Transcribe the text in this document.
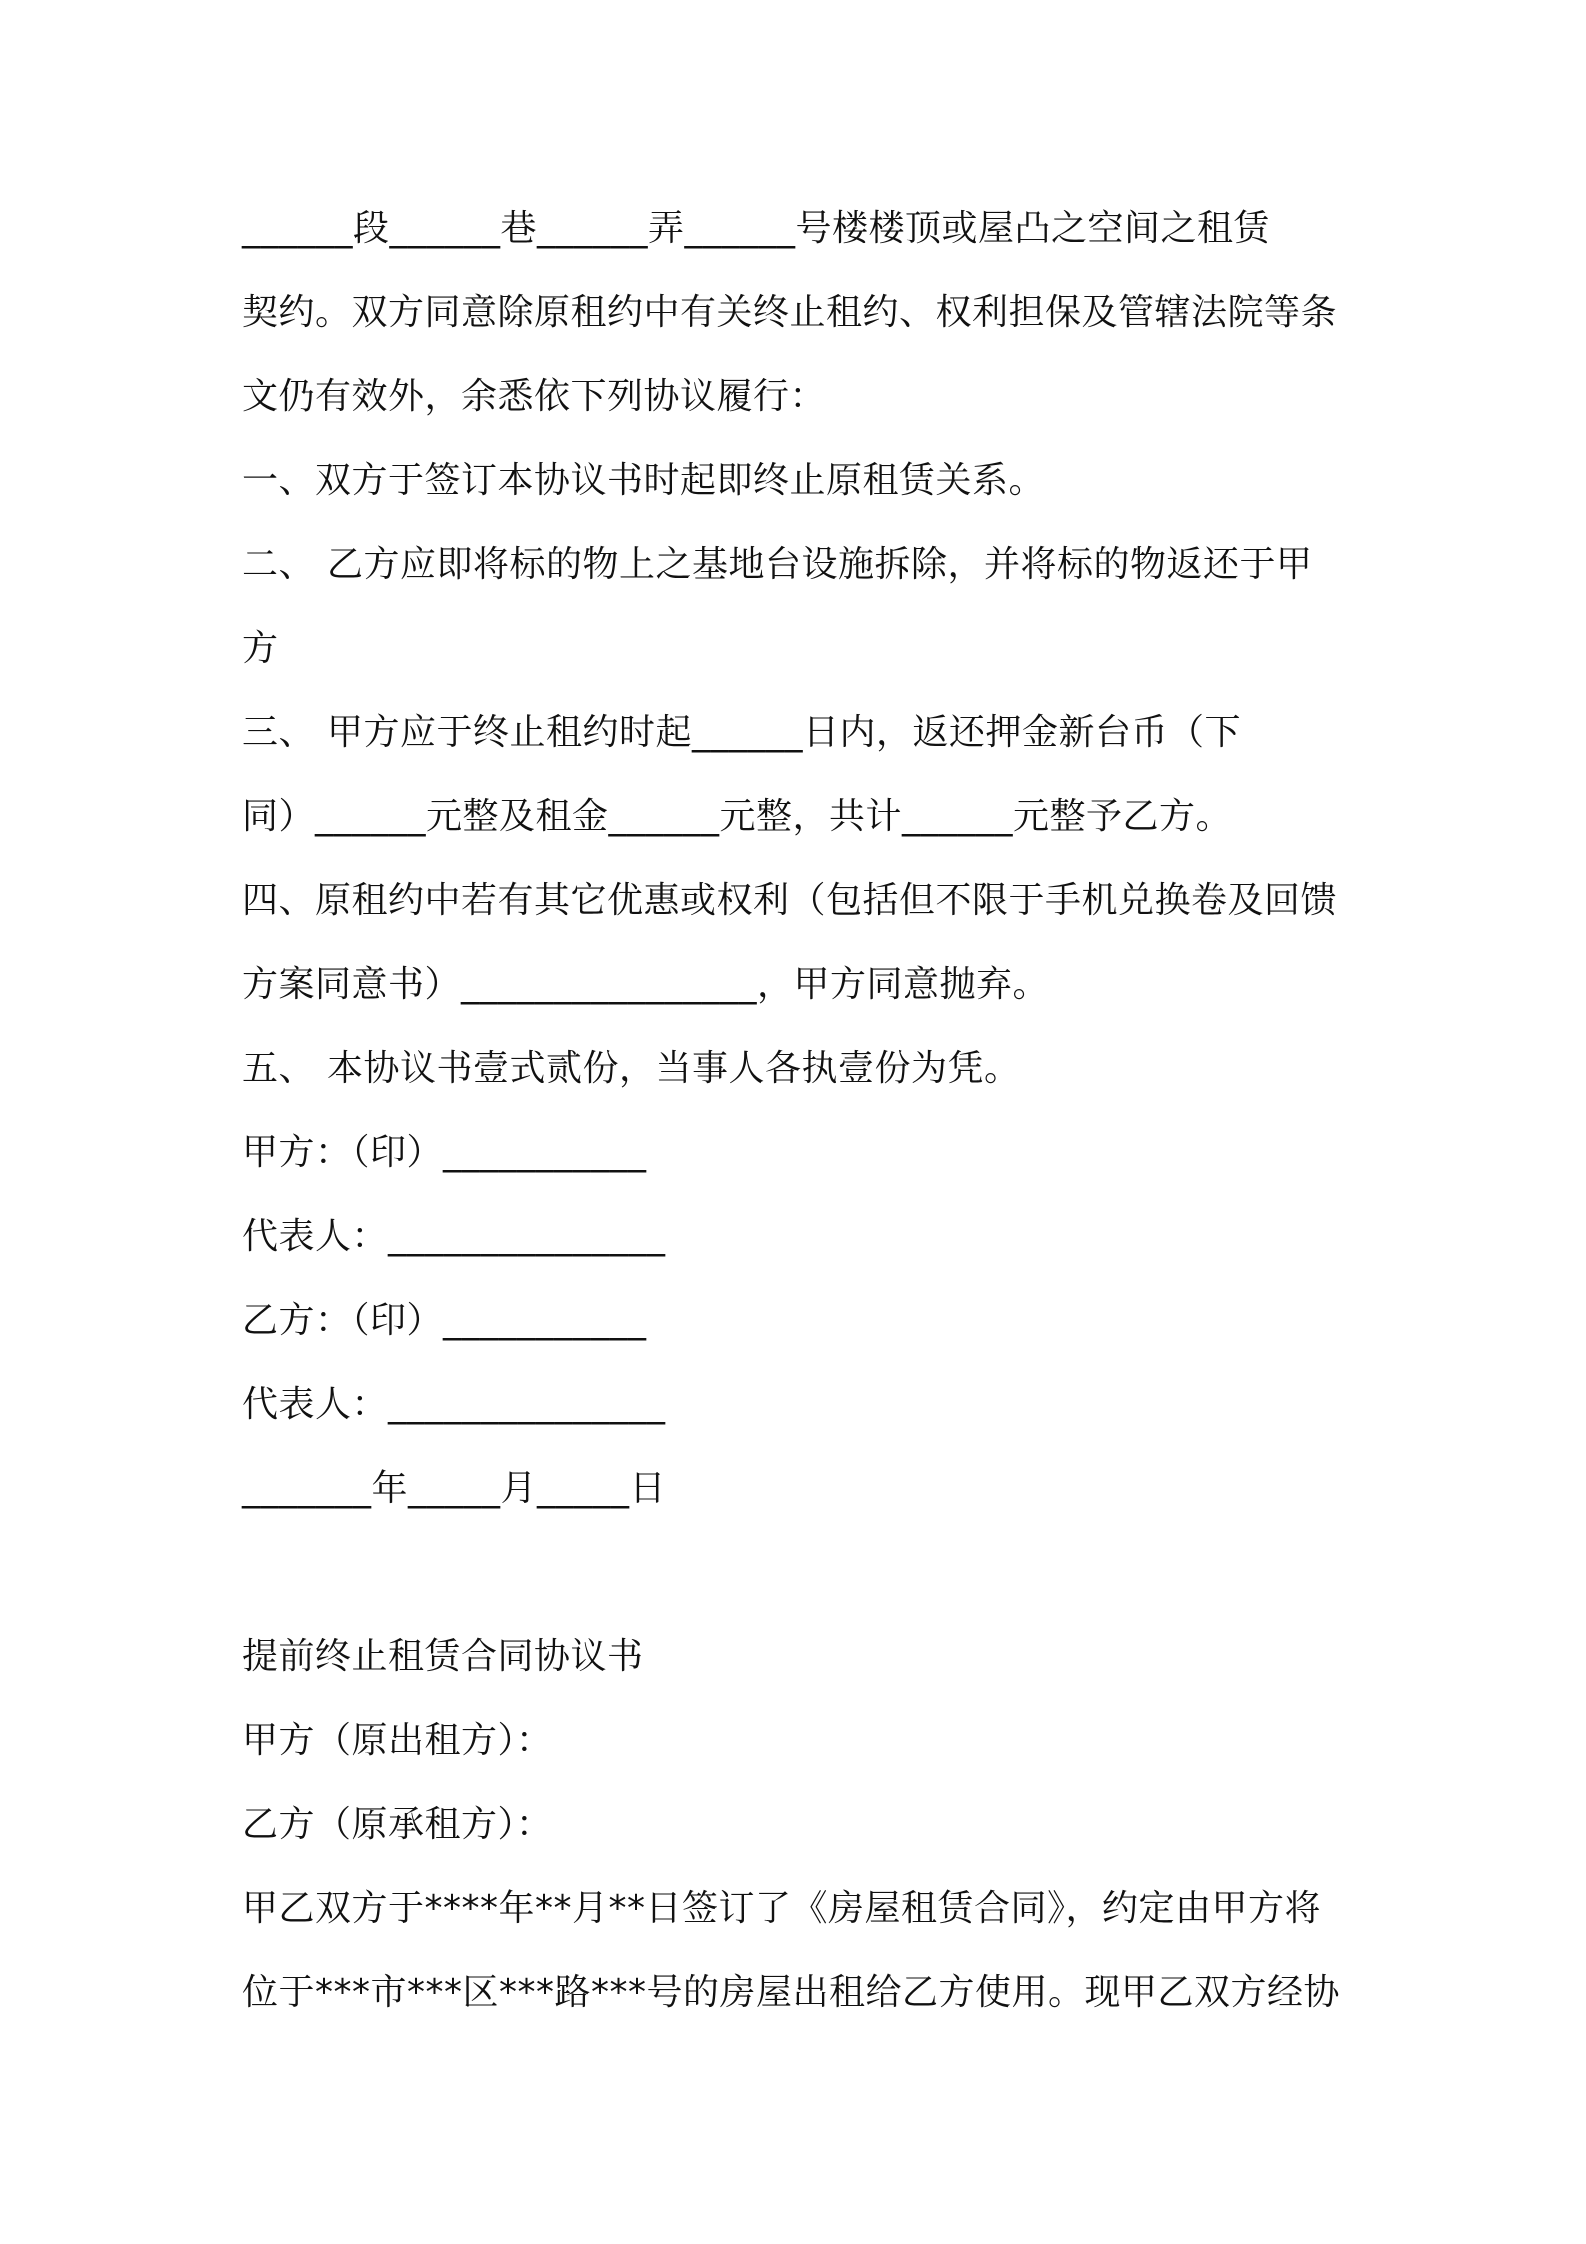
______段______巷______弄______号楼楼顶或屋凸之空间之租赁
契约。双方同意除原租约中有关终止租约、权利担保及管辖法院等条
文仍有效外，余悉依下列协议履行：
一、双方于签订本协议书时起即终止原租赁关系。
二、 乙方应即将标的物上之基地台设施拆除，并将标的物返还于甲
方
三、 甲方应于终止租约时起______日内，返还押金新台币（下
同）______元整及租金______元整，共计______元整予乙方。
四、原租约中若有其它优惠或权利（包括但不限于手机兑换卷及回馈
方案同意书）________________，甲方同意抛弃。
五、 本协议书壹式贰份，当事人各执壹份为凭。
甲方：（印）___________
代表人：_______________
乙方：（印）___________
代表人：_______________
_______年_____月_____日
提前终止租赁合同协议书
甲方（原出租方）：
乙方（原承租方）：
甲乙双方于****年**月**日签订了《房屋租赁合同》，约定由甲方将
位于***市***区***路***号的房屋出租给乙方使用。现甲乙双方经协
